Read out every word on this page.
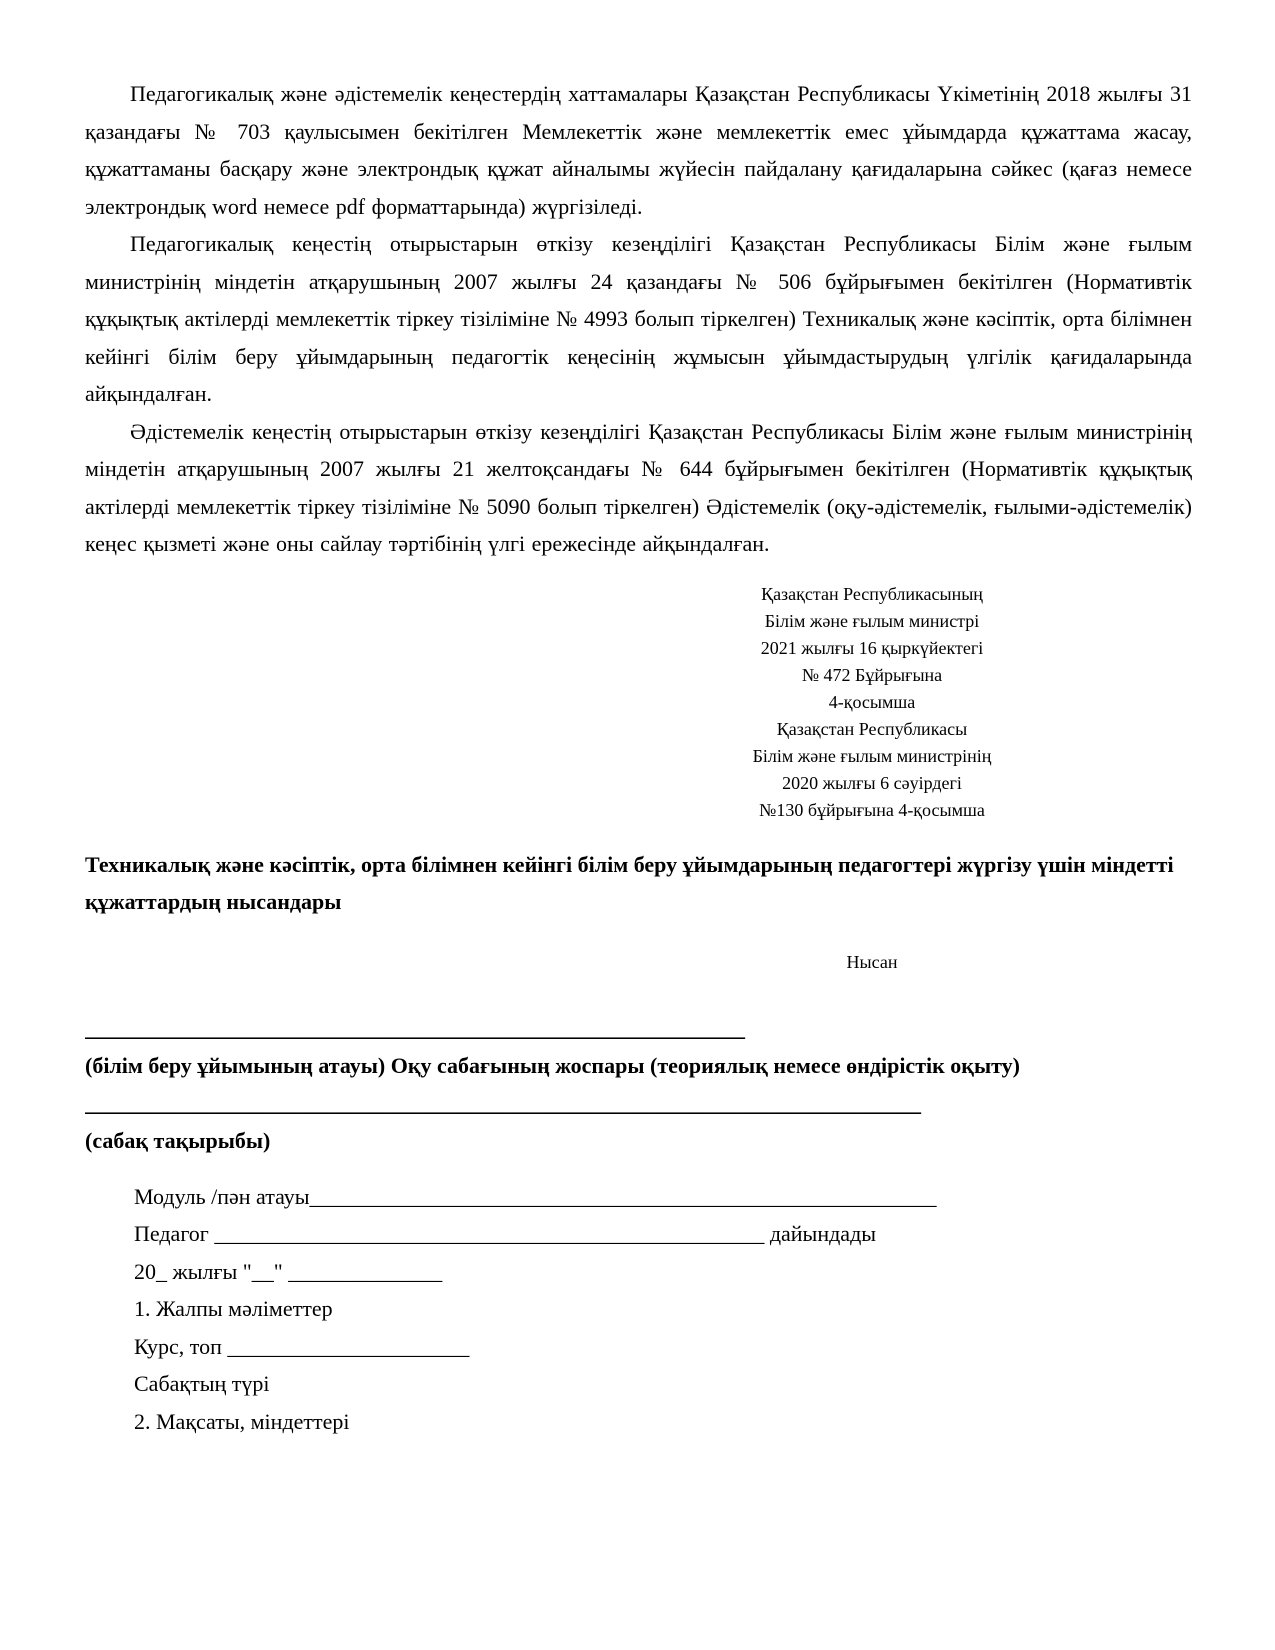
Педагогикалық және әдістемелік кеңестердің хаттамалары Қазақстан Республикасы Үкіметінің 2018 жылғы 31 қазандағы № 703 қаулысымен бекітілген Мемлекеттік және мемлекеттік емес ұйымдарда құжаттама жасау, құжаттаманы басқару және электрондық құжат айналымы жүйесін пайдалану қағидаларына сәйкес (қағаз немесе электрондық word немесе pdf форматтарында) жүргізіледі.

Педагогикалық кеңестің отырыстарын өткізу кезеңділігі Қазақстан Республикасы Білім және ғылым министрінің міндетін атқарушының 2007 жылғы 24 қазандағы № 506 бұйрығымен бекітілген (Нормативтік құқықтық актілерді мемлекеттік тіркеу тізіліміне № 4993 болып тіркелген) Техникалық және кәсіптік, орта білімнен кейінгі білім беру ұйымдарының педагогтік кеңесінің жұмысын ұйымдастырудың үлгілік қағидаларында айқындалған.

Әдістемелік кеңестің отырыстарын өткізу кезеңділігі Қазақстан Республикасы Білім және ғылым министрінің міндетін атқарушының 2007 жылғы 21 желтоқсандағы № 644 бұйрығымен бекітілген (Нормативтік құқықтық актілерді мемлекеттік тіркеу тізіліміне № 5090 болып тіркелген) Әдістемелік (оқу-әдістемелік, ғылыми-әдістемелік) кеңес қызметі және оны сайлау тәртібінің үлгі ережесінде айқындалған.

Қазақстан Республикасының
Білім және ғылым министрі
2021 жылғы 16 қыркүйектегі
№ 472 Бұйрығына
4-қосымша
Қазақстан Республикасы
Білім және ғылым министрінің
2020 жылғы 6 сәуірдегі
№130 бұйрығына 4-қосымша
Техникалық және кәсіптік, орта білімнен кейінгі білім беру ұйымдарының педагогтері жүргізу үшін міндетті құжаттардың нысандары
Нысан
____________________________________________________________
(білім беру ұйымының атауы) Оқу сабағының жоспары (теориялық немесе өндірістік оқыту)
____________________________________________________________________________
(сабақ тақырыбы)
Модуль /пән атауы_________________________________________________________
Педагог __________________________________________________ дайындады
20_ жылғы "__" ______________
1. Жалпы мәліметтер
Курс, топ ______________________
Сабақтың түрі
2. Мақсаты, міндеттері
